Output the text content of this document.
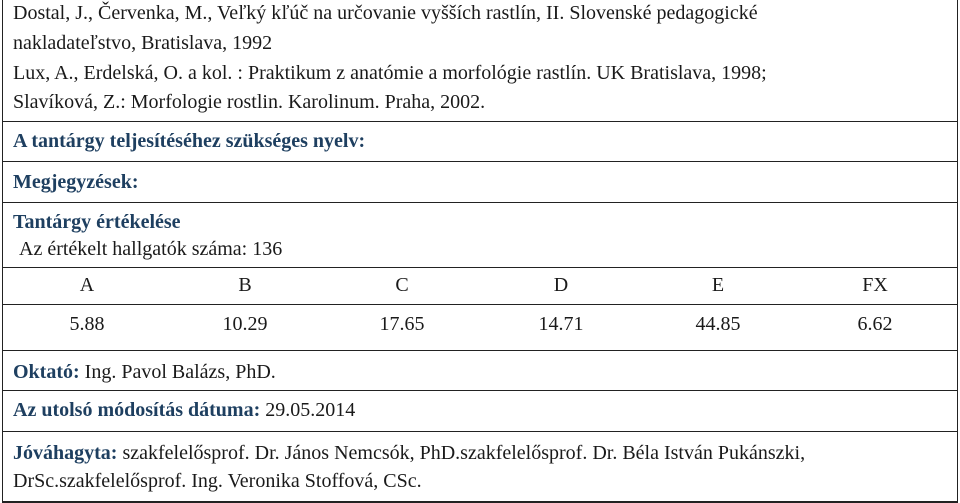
Dostal, J., Červenka, M., Veľký kľúč na určovanie vyšších rastlín, II. Slovenské pedagogické
nakladateľstvo, Bratislava, 1992
Lux, A., Erdelská, O. a kol. : Praktikum z anatómie a morfológie rastlín. UK Bratislava, 1998;
Slavíková, Z.: Morfologie rostlin. Karolinum. Praha, 2002.
A tantárgy teljesítéséhez szükséges nyelv:
Megjegyzések:
Tantárgy értékelése
Az értékelt hallgatók száma: 136
A	B	C	D	E	FX
5.88	10.29	17.65	14.71	44.85	6.62
Oktató: Ing. Pavol Balázs, PhD.
Az utolsó módosítás dátuma: 29.05.2014
Jóváhagyta: szakfelelősprof. Dr. János Nemcsók, PhD.szakfelelősprof. Dr. Béla István Pukánszki,
DrSc.szakfelelősprof. Ing. Veronika Stoffová, CSc.
